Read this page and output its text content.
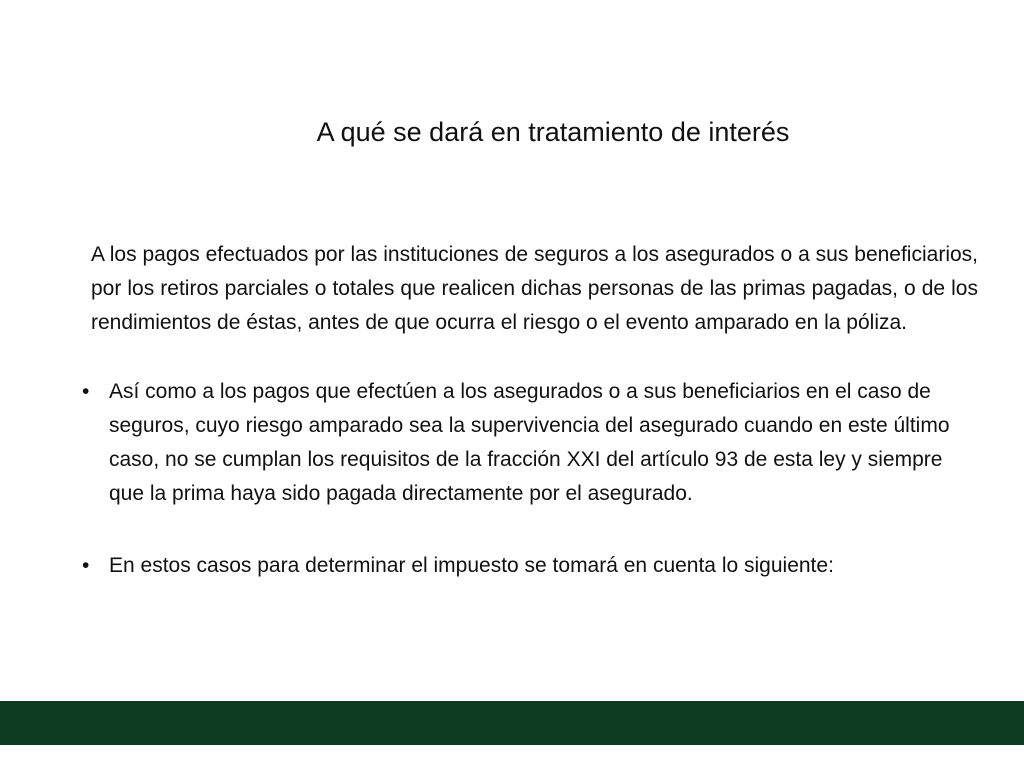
A qué se dará en tratamiento de interés

A los pagos efectuados por las instituciones de seguros a los asegurados o a sus beneficiarios, por los retiros parciales o totales que realicen dichas personas de las primas pagadas, o de los rendimientos de éstas, antes de que ocurra el riesgo o el evento amparado en la póliza.

• Así como a los pagos que efectúen a los asegurados o a sus beneficiarios en el caso de seguros, cuyo riesgo amparado sea la supervivencia del asegurado cuando en este último caso, no se cumplan los requisitos de la fracción XXI del artículo 93 de esta ley y siempre que la prima haya sido pagada directamente por el asegurado.
• En estos casos para determinar el impuesto se tomará en cuenta lo siguiente:
